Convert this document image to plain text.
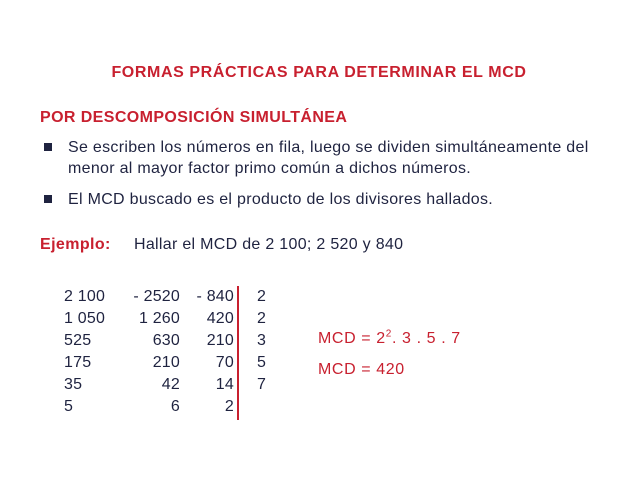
FORMAS PRÁCTICAS PARA DETERMINAR EL MCD
POR DESCOMPOSICIÓN SIMULTÁNEA
Se escriben los números en fila, luego se dividen simultáneamente del menor al mayor factor primo común a dichos números.
El MCD buscado es el producto de los divisores hallados.
Ejemplo: Hallar el MCD de 2 100; 2 520 y 840
2 100	- 2520	- 840 2
1 050	1 260	420 2
525	630	210 3
175	210	70 5
35	42	14 7
5	6	2
MCD = $2^2$. 3 . 5 . 7
MCD = 420
